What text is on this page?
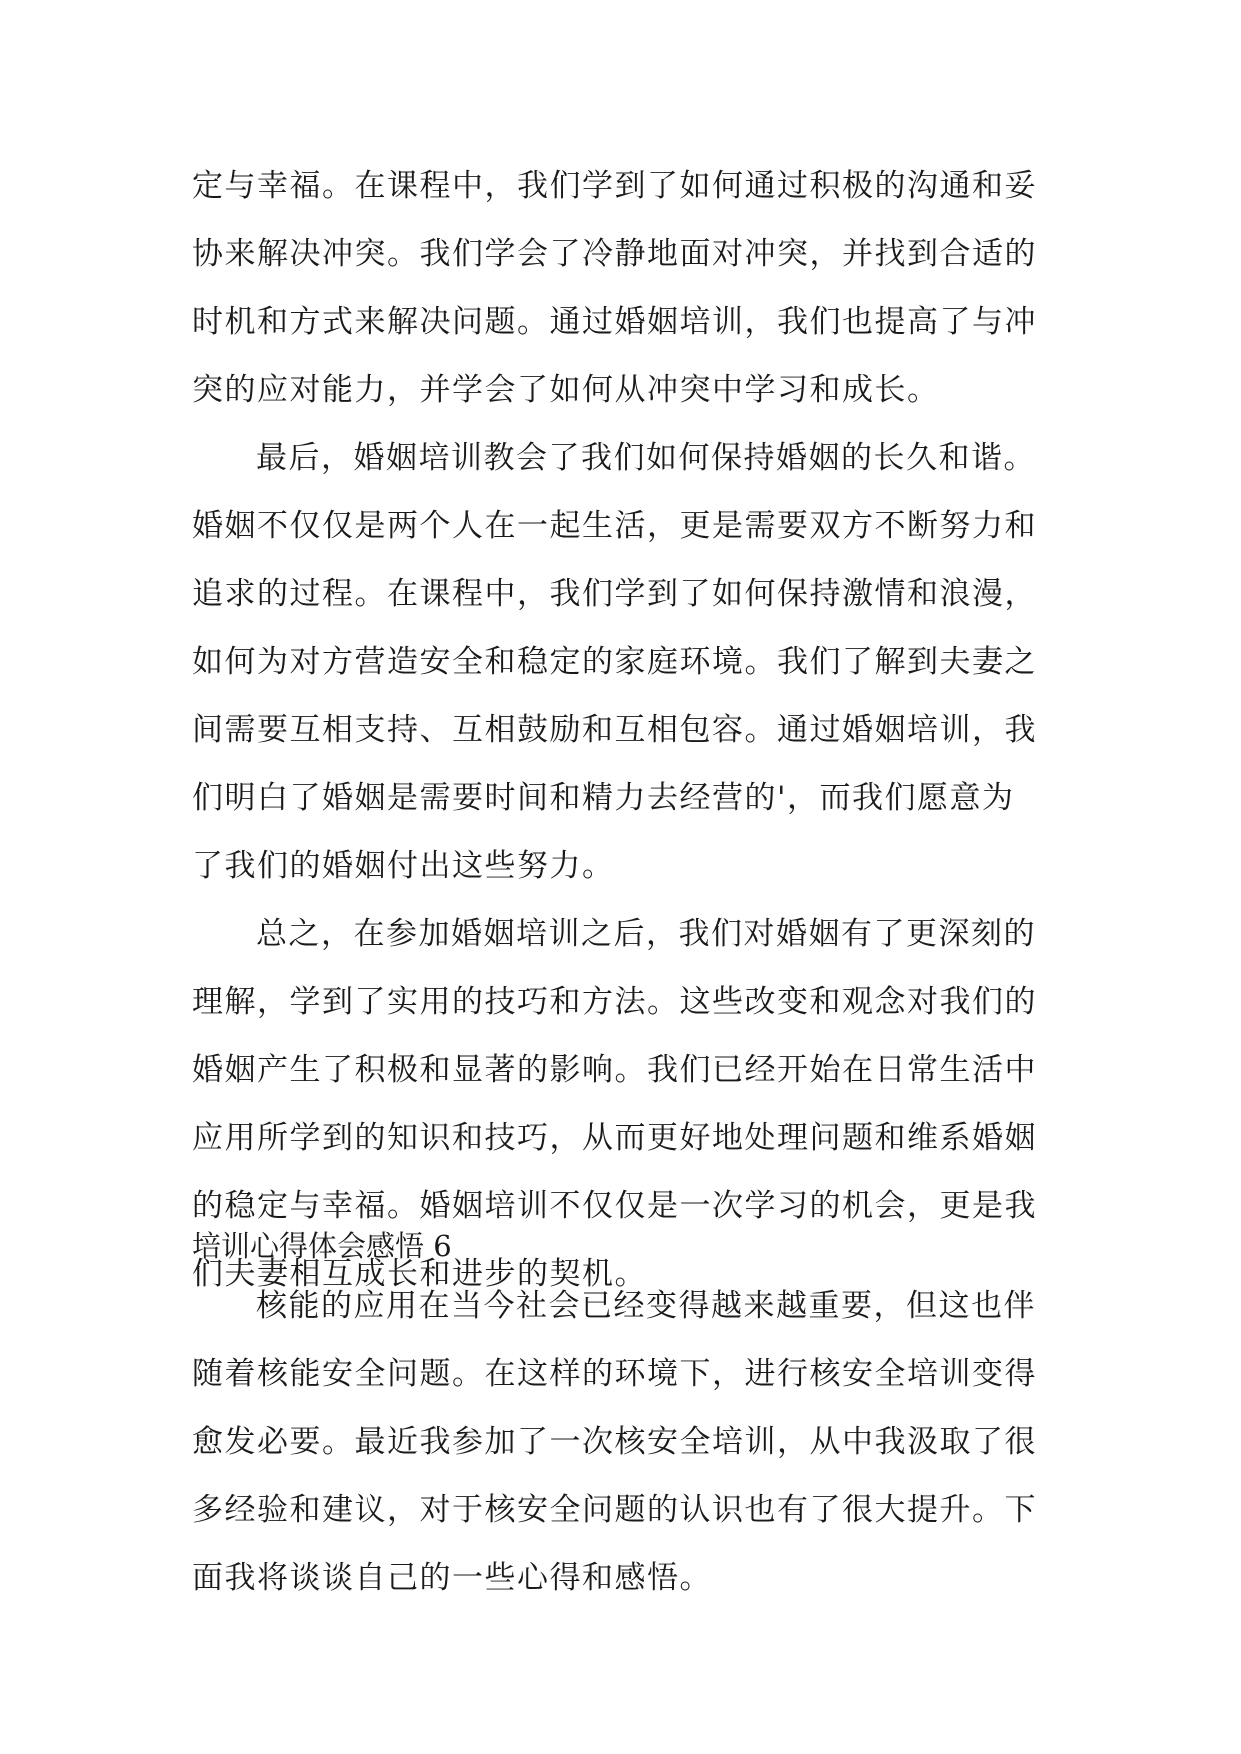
定与幸福。在课程中，我们学到了如何通过积极的沟通和妥
协来解决冲突。我们学会了冷静地面对冲突，并找到合适的
时机和方式来解决问题。通过婚姻培训，我们也提高了与冲
突的应对能力，并学会了如何从冲突中学习和成长。
最后，婚姻培训教会了我们如何保持婚姻的长久和谐。
婚姻不仅仅是两个人在一起生活，更是需要双方不断努力和
追求的过程。在课程中，我们学到了如何保持激情和浪漫，
如何为对方营造安全和稳定的家庭环境。我们了解到夫妻之
间需要互相支持、互相鼓励和互相包容。通过婚姻培训，我
们明白了婚姻是需要时间和精力去经营的'，而我们愿意为
了我们的婚姻付出这些努力。
总之，在参加婚姻培训之后，我们对婚姻有了更深刻的
理解，学到了实用的技巧和方法。这些改变和观念对我们的
婚姻产生了积极和显著的影响。我们已经开始在日常生活中
应用所学到的知识和技巧，从而更好地处理问题和维系婚姻
的稳定与幸福。婚姻培训不仅仅是一次学习的机会，更是我
们夫妻相互成长和进步的契机。
培训心得体会感悟 6
核能的应用在当今社会已经变得越来越重要，但这也伴
随着核能安全问题。在这样的环境下，进行核安全培训变得
愈发必要。最近我参加了一次核安全培训，从中我汲取了很
多经验和建议，对于核安全问题的认识也有了很大提升。下
面我将谈谈自己的一些心得和感悟。
